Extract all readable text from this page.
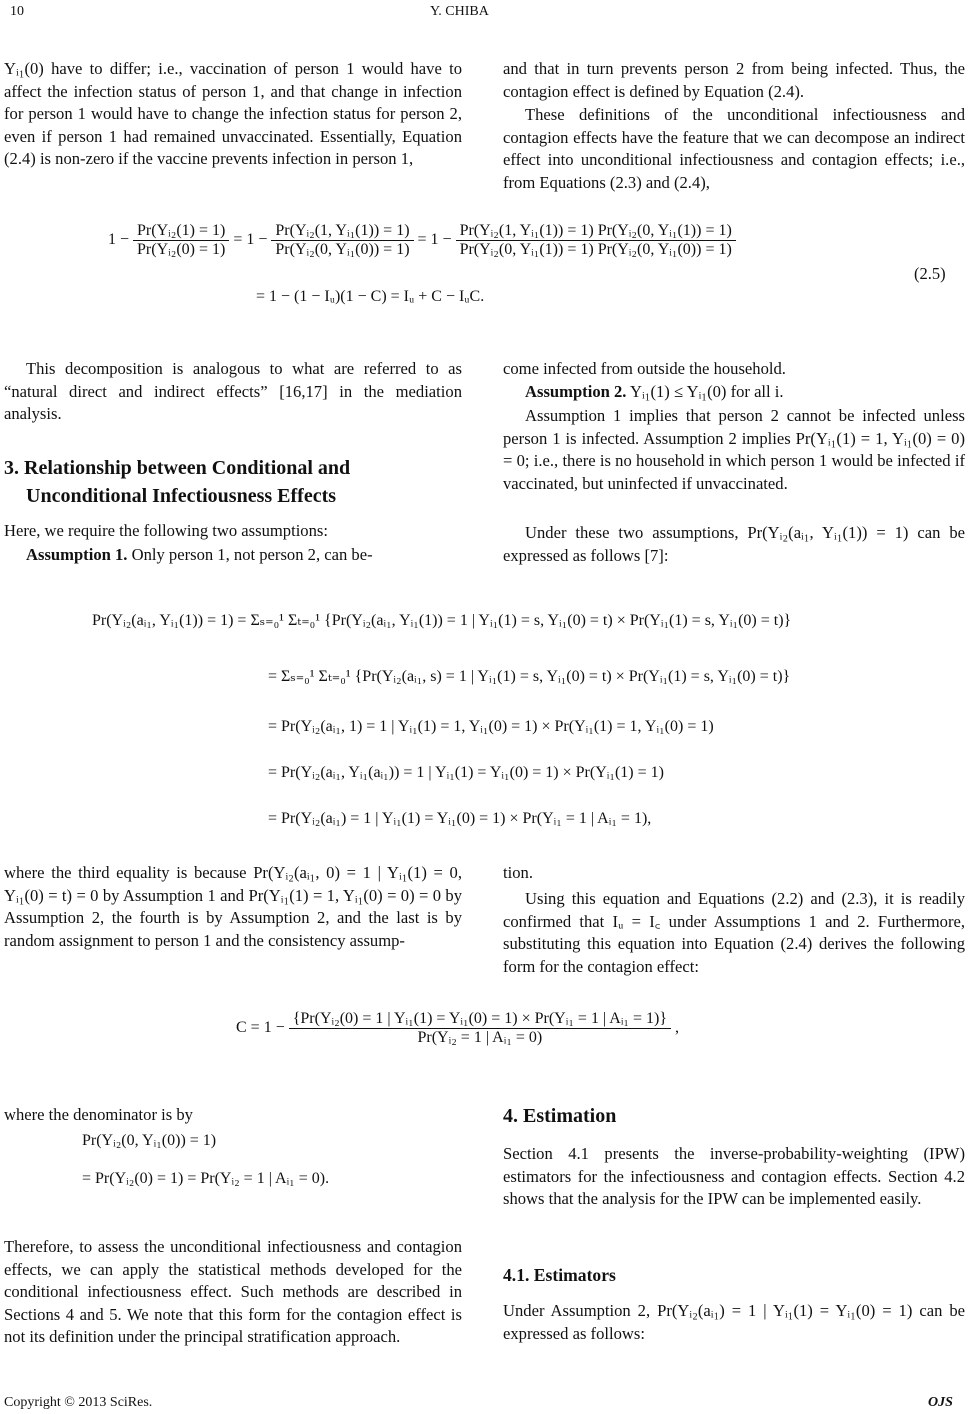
10	Y. CHIBA
Yᵢ₁(0) have to differ; i.e., vaccination of person 1 would have to affect the infection status of person 1, and that change in infection for person 1 would have to change the infection status for person 2, even if person 1 had remained unvaccinated. Essentially, Equation (2.4) is non-zero if the vaccine prevents infection in person 1,
and that in turn prevents person 2 from being infected. Thus, the contagion effect is defined by Equation (2.4).
These definitions of the unconditional infectiousness and contagion effects have the feature that we can decompose an indirect effect into unconditional infectiousness and contagion effects; i.e., from Equations (2.3) and (2.4),
$1 - \frac{\text{Pr(Yᵢ₂(1) = 1)}}{\text{Pr(Yᵢ₂(0) = 1)}} = 1 - \frac{\text{Pr(Yᵢ₂(1, Yᵢ₁(1)) = 1)}}{\text{Pr(Yᵢ₂(0, Yᵢ₁(0)) = 1)}} = 1 - \frac{\text{Pr(Yᵢ₂(1, Yᵢ₁(1)) = 1) Pr(Yᵢ₂(0, Yᵢ₁(1)) = 1)}}{\text{Pr(Yᵢ₂(0, Yᵢ₁(1)) = 1) Pr(Yᵢ₂(0, Yᵢ₁(0)) = 1)}}$
= 1 − (1 − Iᵤ)(1 − C) = Iᵤ + C − IᵤC.
(2.5)
This decomposition is analogous to what are referred to as “natural direct and indirect effects” [16,17] in the mediation analysis.
3. Relationship between Conditional and Unconditional Infectiousness Effects
Here, we require the following two assumptions:
Assumption 1. Only person 1, not person 2, can be-
come infected from outside the household.
Assumption 2. Yᵢ₁(1) ≤ Yᵢ₁(0) for all i.
Assumption 1 implies that person 2 cannot be infected unless person 1 is infected. Assumption 2 implies Pr(Yᵢ₁(1) = 1, Yᵢ₁(0) = 0) = 0; i.e., there is no household in which person 1 would be infected if vaccinated, but uninfected if unvaccinated.
Under these two assumptions, Pr(Yᵢ₂(aᵢ₁, Yᵢ₁(1)) = 1) can be expressed as follows [7]:
Pr(Yᵢ₂(aᵢ₁, Yᵢ₁(1)) = 1) = Σₛ₌₀¹ Σₜ₌₀¹ {Pr(Yᵢ₂(aᵢ₁, Yᵢ₁(1)) = 1 | Yᵢ₁(1) = s, Yᵢ₁(0) = t) × Pr(Yᵢ₁(1) = s, Yᵢ₁(0) = t)}
= Σₛ₌₀¹ Σₜ₌₀¹ {Pr(Yᵢ₂(aᵢ₁, s) = 1 | Yᵢ₁(1) = s, Yᵢ₁(0) = t) × Pr(Yᵢ₁(1) = s, Yᵢ₁(0) = t)}
= Pr(Yᵢ₂(aᵢ₁, 1) = 1 | Yᵢ₁(1) = 1, Yᵢ₁(0) = 1) × Pr(Yᵢ₁(1) = 1, Yᵢ₁(0) = 1)
= Pr(Yᵢ₂(aᵢ₁, Yᵢ₁(aᵢ₁)) = 1 | Yᵢ₁(1) = Yᵢ₁(0) = 1) × Pr(Yᵢ₁(1) = 1)
= Pr(Yᵢ₂(aᵢ₁) = 1 | Yᵢ₁(1) = Yᵢ₁(0) = 1) × Pr(Yᵢ₁ = 1 | Aᵢ₁ = 1),
where the third equality is because Pr(Yᵢ₂(aᵢ₁, 0) = 1 | Yᵢ₁(1) = 0, Yᵢ₁(0) = t) = 0 by Assumption 1 and Pr(Yᵢ₁(1) = 1, Yᵢ₁(0) = 0) = 0 by Assumption 2, the fourth is by Assumption 2, and the last is by random assignment to person 1 and the consistency assump-
tion.
Using this equation and Equations (2.2) and (2.3), it is readily confirmed that Iᵤ = I꜀ under Assumptions 1 and 2. Furthermore, substituting this equation into Equation (2.4) derives the following form for the contagion effect:
C = 1 −
{Pr(Yᵢ₂(0) = 1 | Yᵢ₁(1) = Yᵢ₁(0) = 1) × Pr(Yᵢ₁ = 1 | Aᵢ₁ = 1)}
Pr(Yᵢ₂ = 1 | Aᵢ₁ = 0)
,
where the denominator is by
Pr(Yᵢ₂(0, Yᵢ₁(0)) = 1)
= Pr(Yᵢ₂(0) = 1) = Pr(Yᵢ₂ = 1 | Aᵢ₁ = 0).
Therefore, to assess the unconditional infectiousness and contagion effects, we can apply the statistical methods developed for the conditional infectiousness effect. Such methods are described in Sections 4 and 5. We note that this form for the contagion effect is not its definition under the principal stratification approach.
4. Estimation
Section 4.1 presents the inverse-probability-weighting (IPW) estimators for the infectiousness and contagion effects. Section 4.2 shows that the analysis for the IPW can be implemented easily.
4.1. Estimators
Under Assumption 2, Pr(Yᵢ₂(aᵢ₁) = 1 | Yᵢ₁(1) = Yᵢ₁(0) = 1) can be expressed as follows:
Copyright © 2013 SciRes.	OJS
